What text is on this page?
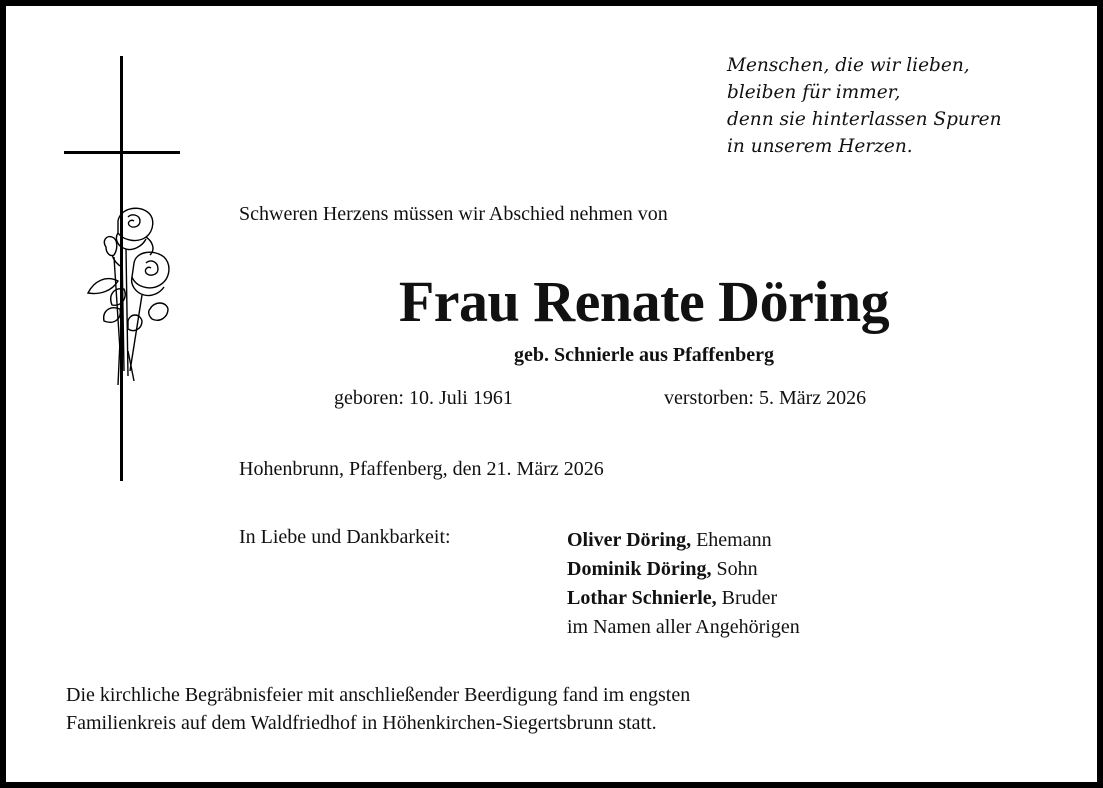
Menschen, die wir lieben,
bleiben für immer,
denn sie hinterlassen Spuren
in unserem Herzen.
Schweren Herzens müssen wir Abschied nehmen von
Frau Renate Döring
geb. Schnierle aus Pfaffenberg
geboren: 10. Juli 1961	verstorben: 5. März 2026
Hohenbrunn, Pfaffenberg, den 21. März 2026
In Liebe und Dankbarkeit:	Oliver Döring, Ehemann
Dominik Döring, Sohn
Lothar Schnierle, Bruder
im Namen aller Angehörigen
Die kirchliche Begräbnisfeier mit anschließender Beerdigung fand im engsten
Familienkreis auf dem Waldfriedhof in Höhenkirchen-Siegertsbrunn statt.
